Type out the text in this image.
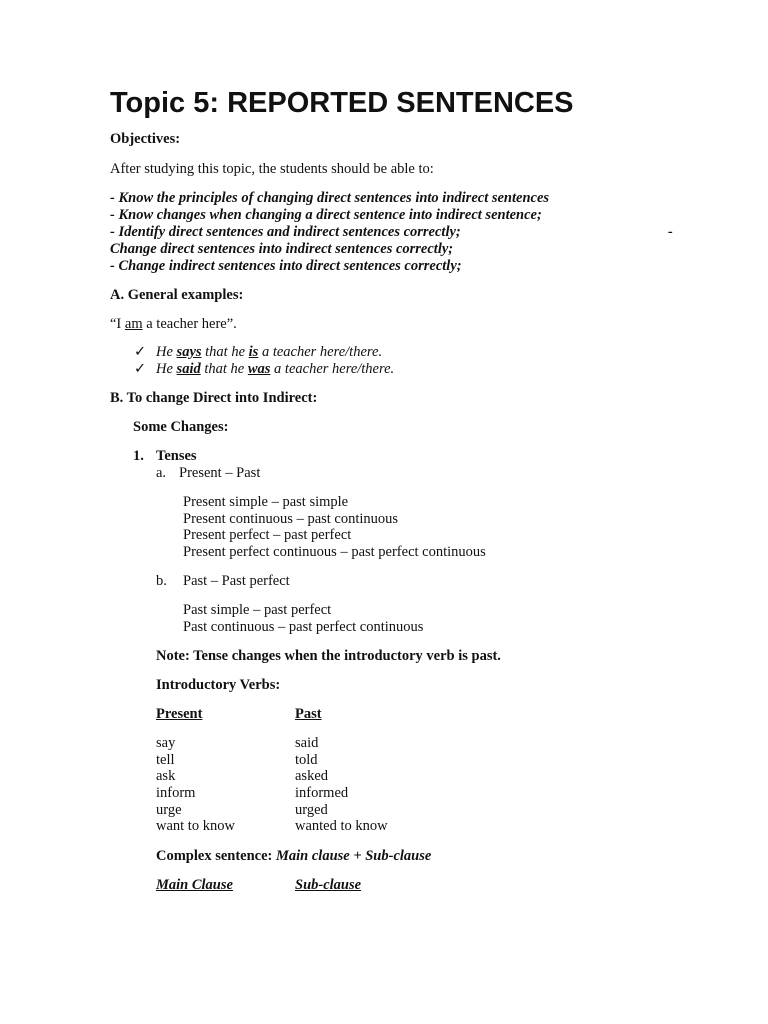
Topic 5: REPORTED SENTENCES
Objectives:
After studying this topic, the students should be able to:
- Know the principles of changing direct sentences into indirect sentences
- Know changes when changing a direct sentence into indirect sentence;
- Identify direct sentences and indirect sentences correctly;	-
Change direct sentences into indirect sentences correctly;
- Change indirect sentences into direct sentences correctly;
A. General examples:
“I am a teacher here”.
✓ He says that he is a teacher here/there.
✓ He said that he was a teacher here/there.
B. To change Direct into Indirect:
Some Changes:
1. Tenses
a. Present – Past
Present simple – past simple
Present continuous – past continuous
Present perfect – past perfect
Present perfect continuous – past perfect continuous
b. Past – Past perfect
Past simple – past perfect
Past continuous – past perfect continuous
Note: Tense changes when the introductory verb is past.
Introductory Verbs:
Present	Past
say	said
tell	told
ask	asked
inform	informed
urge	urged
want to know	wanted to know
Complex sentence: Main clause + Sub-clause
Main Clause	Sub-clause
